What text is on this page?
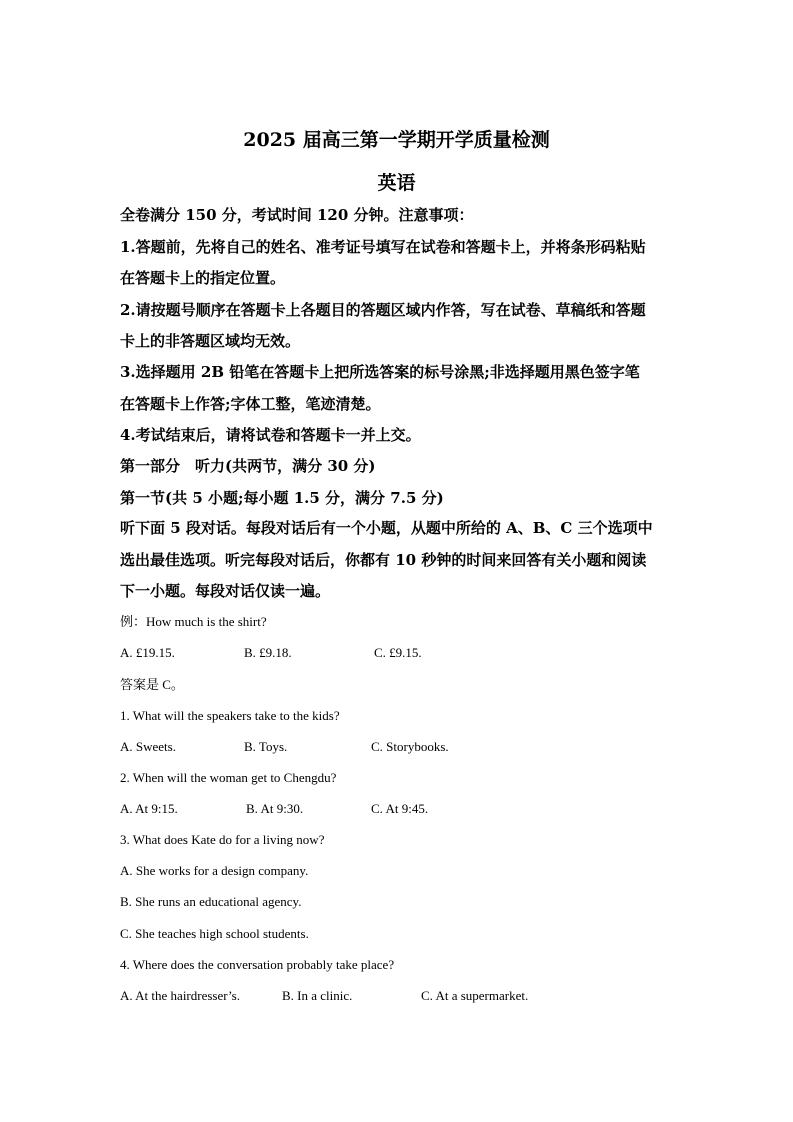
2025 届高三第一学期开学质量检测
英语
全卷满分 150 分，考试时间 120 分钟。注意事项：
1.答题前，先将自己的姓名、准考证号填写在试卷和答题卡上，并将条形码粘贴
在答题卡上的指定位置。
2.请按题号顺序在答题卡上各题目的答题区域内作答，写在试卷、草稿纸和答题
卡上的非答题区域均无效。
3.选择题用 2B 铅笔在答题卡上把所选答案的标号涂黑;非选择题用黑色签字笔
在答题卡上作答;字体工整，笔迹清楚。
4.考试结束后，请将试卷和答题卡一并上交。
第一部分　听力(共两节，满分 30 分)
第一节(共 5 小题;每小题 1.5 分，满分 7.5 分)
听下面 5 段对话。每段对话后有一个小题，从题中所给的 A、B、C 三个选项中
选出最佳选项。听完每段对话后，你都有 10 秒钟的时间来回答有关小题和阅读
下一小题。每段对话仅读一遍。
例：How much is the shirt?
A. £19.15.	B. £9.18.	C. £9.15.
答案是 C。
1. What will the speakers take to the kids?
A. Sweets.	B. Toys.	C. Storybooks.
2. When will the woman get to Chengdu?
A. At 9:15.	B. At 9:30.	C. At 9:45.
3. What does Kate do for a living now?
A. She works for a design company.
B. She runs an educational agency.
C. She teaches high school students.
4. Where does the conversation probably take place?
A. At the hairdresser’s.	B. In a clinic.	C. At a supermarket.
